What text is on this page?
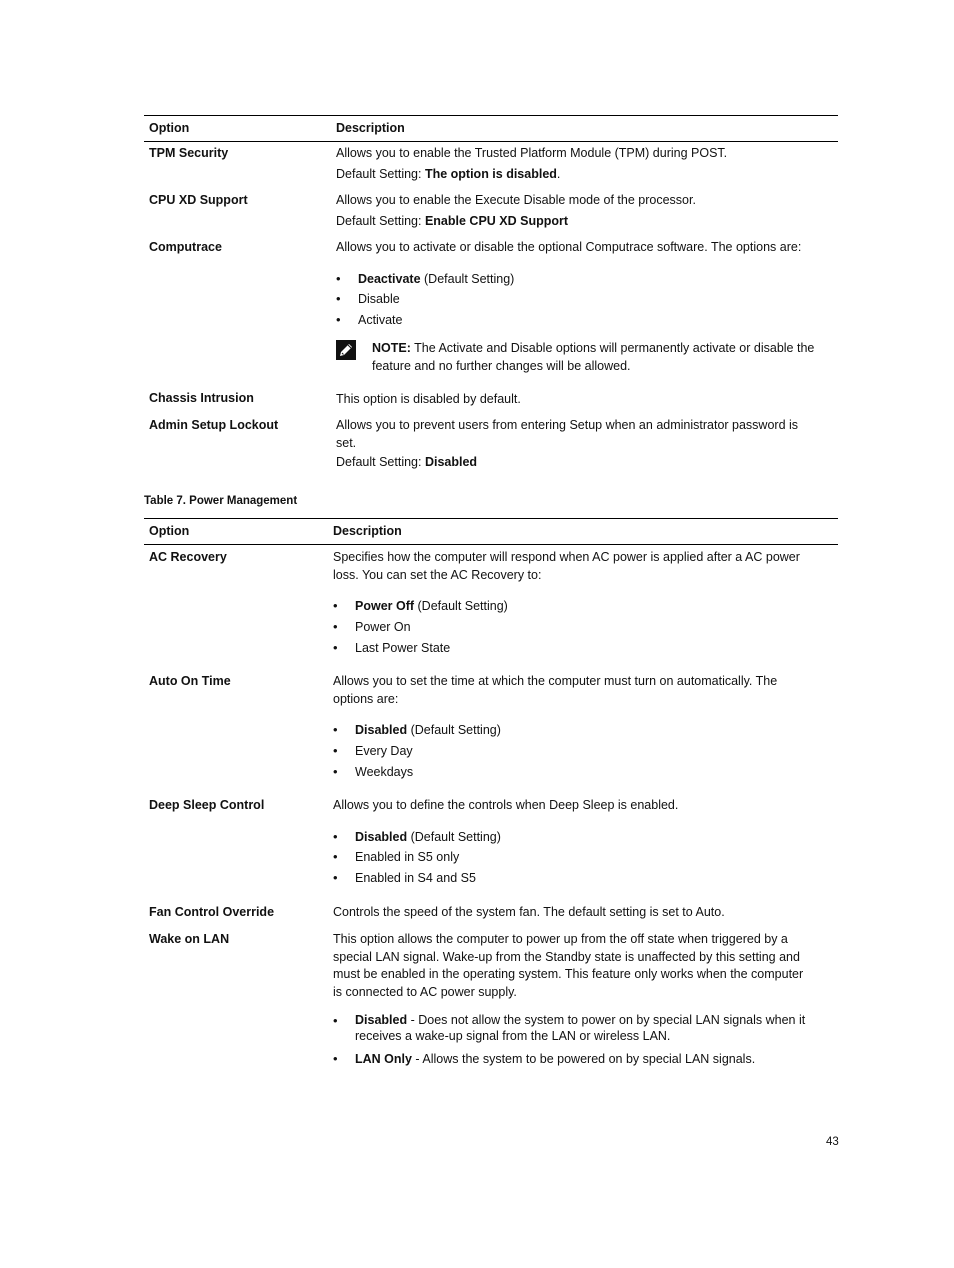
Option	Description
TPM Security	Allows you to enable the Trusted Platform Module (TPM) during POST.
Default Setting: The option is disabled.
CPU XD Support	Allows you to enable the Execute Disable mode of the processor.
Default Setting: Enable CPU XD Support
Computrace	Allows you to activate or disable the optional Computrace software. The options are:
• Deactivate (Default Setting)
• Disable
• Activate
NOTE: The Activate and Disable options will permanently activate or disable the feature and no further changes will be allowed.
Chassis Intrusion	This option is disabled by default.
Admin Setup Lockout	Allows you to prevent users from entering Setup when an administrator password is
set.
Default Setting: Disabled
Table 7. Power Management
Option	Description
AC Recovery	Specifies how the computer will respond when AC power is applied after a AC power
loss. You can set the AC Recovery to:
• Power Off (Default Setting)
• Power On
• Last Power State
Auto On Time	Allows you to set the time at which the computer must turn on automatically. The
options are:
• Disabled (Default Setting)
• Every Day
• Weekdays
Deep Sleep Control	Allows you to define the controls when Deep Sleep is enabled.
• Disabled (Default Setting)
• Enabled in S5 only
• Enabled in S4 and S5
Fan Control Override	Controls the speed of the system fan. The default setting is set to Auto.
Wake on LAN	This option allows the computer to power up from the off state when triggered by a
special LAN signal. Wake-up from the Standby state is unaffected by this setting and
must be enabled in the operating system. This feature only works when the computer
is connected to AC power supply.
• Disabled - Does not allow the system to power on by special LAN signals when it receives a wake-up signal from the LAN or wireless LAN.
• LAN Only - Allows the system to be powered on by special LAN signals.
43
